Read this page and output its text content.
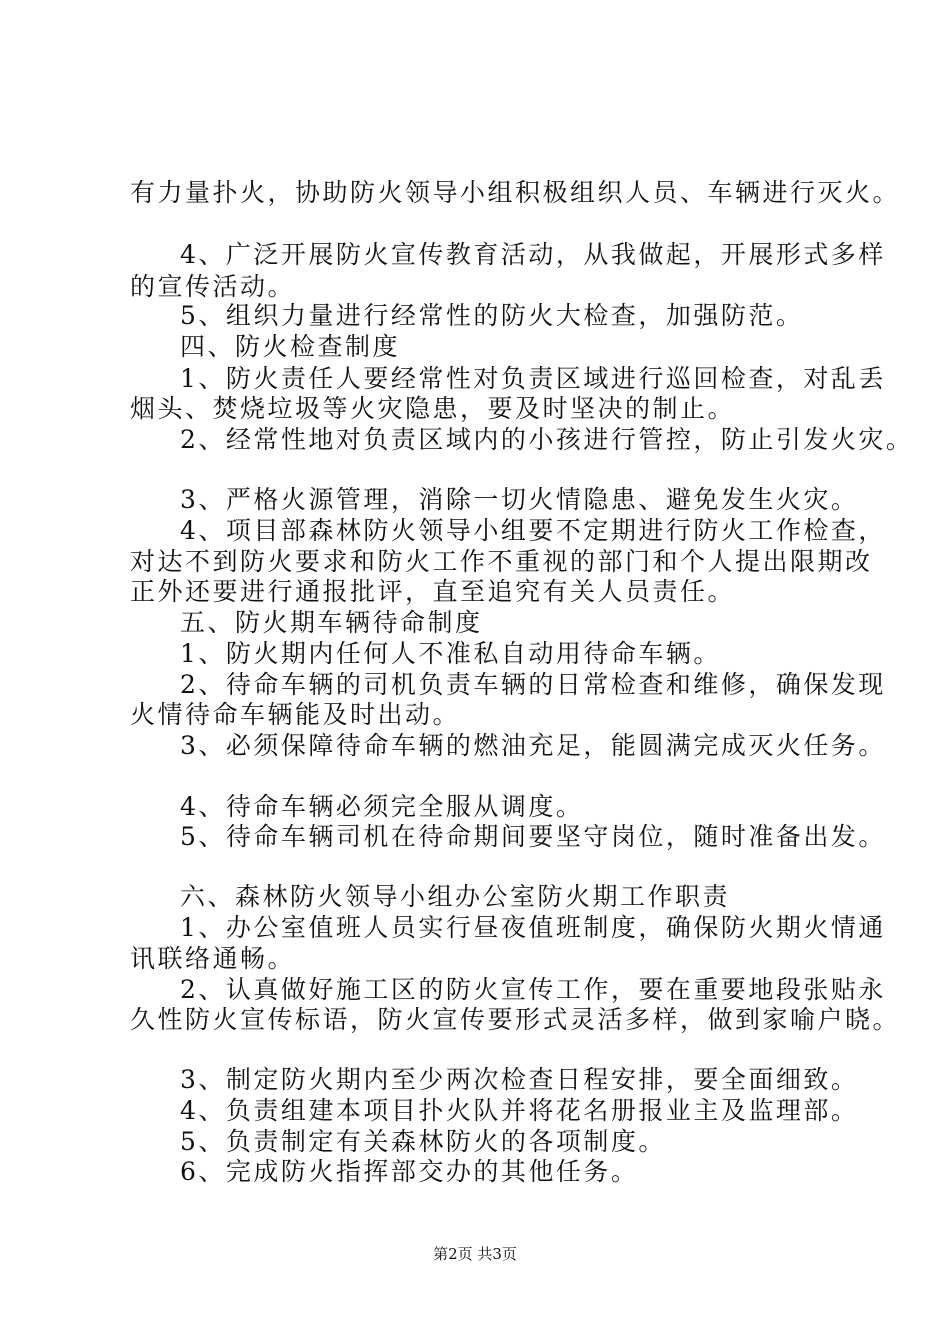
有力量扑火，协助防火领导小组积极组织人员、车辆进行灭火。
4、广泛开展防火宣传教育活动，从我做起，开展形式多样
的宣传活动。
5、组织力量进行经常性的防火大检查，加强防范。
四、防火检查制度
1、防火责任人要经常性对负责区域进行巡回检查，对乱丢
烟头、焚烧垃圾等火灾隐患，要及时坚决的制止。
2、经常性地对负责区域内的小孩进行管控，防止引发火灾。
3、严格火源管理，消除一切火情隐患、避免发生火灾。
4、项目部森林防火领导小组要不定期进行防火工作检查，
对达不到防火要求和防火工作不重视的部门和个人提出限期改
正外还要进行通报批评，直至追究有关人员责任。
五、防火期车辆待命制度
1、防火期内任何人不准私自动用待命车辆。
2、待命车辆的司机负责车辆的日常检查和维修，确保发现
火情待命车辆能及时出动。
3、必须保障待命车辆的燃油充足，能圆满完成灭火任务。
4、待命车辆必须完全服从调度。
5、待命车辆司机在待命期间要坚守岗位，随时准备出发。
六、森林防火领导小组办公室防火期工作职责
1、办公室值班人员实行昼夜值班制度，确保防火期火情通
讯联络通畅。
2、认真做好施工区的防火宣传工作，要在重要地段张贴永
久性防火宣传标语，防火宣传要形式灵活多样，做到家喻户晓。
3、制定防火期内至少两次检查日程安排，要全面细致。
4、负责组建本项目扑火队并将花名册报业主及监理部。
5、负责制定有关森林防火的各项制度。
6、完成防火指挥部交办的其他任务。
第2页 共3页
